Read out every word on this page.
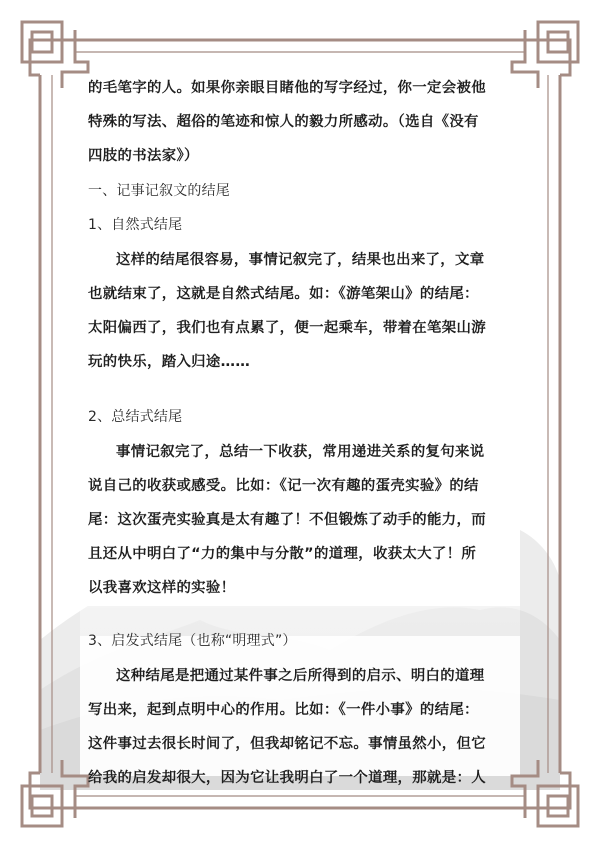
的毛笔字的人。如果你亲眼目睹他的写字经过，你一定会被他
特殊的写法、超俗的笔迹和惊人的毅力所感动。（选自《没有
四肢的书法家》）
一、记事记叙文的结尾
1、自然式结尾
这样的结尾很容易，事情记叙完了，结果也出来了，文章
也就结束了，这就是自然式结尾。如：《游笔架山》的结尾：
太阳偏西了，我们也有点累了，便一起乘车，带着在笔架山游
玩的快乐，踏入归途……
2、总结式结尾
事情记叙完了，总结一下收获，常用递进关系的复句来说
说自己的收获或感受。比如：《记一次有趣的蛋壳实验》的结
尾：这次蛋壳实验真是太有趣了！不但锻炼了动手的能力，而
且还从中明白了“力的集中与分散”的道理，收获太大了！所
以我喜欢这样的实验！
3、启发式结尾（也称“明理式”）
这种结尾是把通过某件事之后所得到的启示、明白的道理
写出来，起到点明中心的作用。比如：《一件小事》的结尾：
这件事过去很长时间了，但我却铭记不忘。事情虽然小，但它
给我的启发却很大，因为它让我明白了一个道理，那就是：人
